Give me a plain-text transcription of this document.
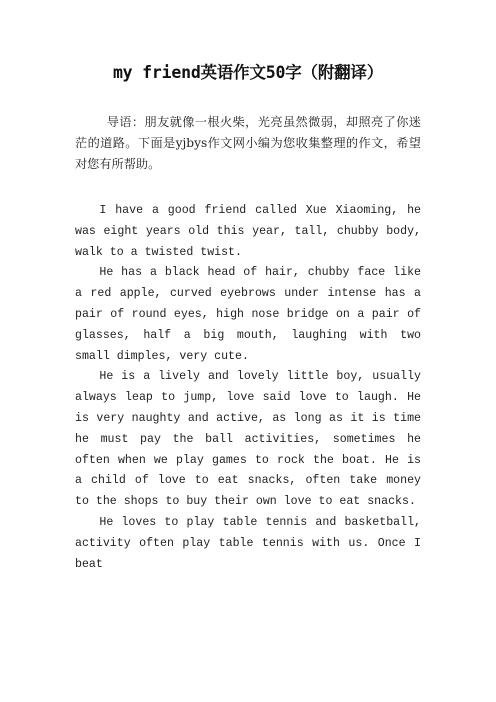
my friend英语作文50字（附翻译）

导语：朋友就像一根火柴，光亮虽然微弱，却照亮了你迷茫的道路。下面是yjbys作文网小编为您收集整理的作文，希望对您有所帮助。

I have a good friend called Xue Xiaoming, he was eight years old this year, tall, chubby body, walk to a twisted twist.

He has a black head of hair, chubby face like a red apple, curved eyebrows under intense has a pair of round eyes, high nose bridge on a pair of glasses, half a big mouth, laughing with two small dimples, very cute.

He is a lively and lovely little boy, usually always leap to jump, love said love to laugh. He is very naughty and active, as long as it is time he must pay the ball activities, sometimes he often when we play games to rock the boat. He is a child of love to eat snacks, often take money to the shops to buy their own love to eat snacks.

He loves to play table tennis and basketball, activity often play table tennis with us. Once I beat
